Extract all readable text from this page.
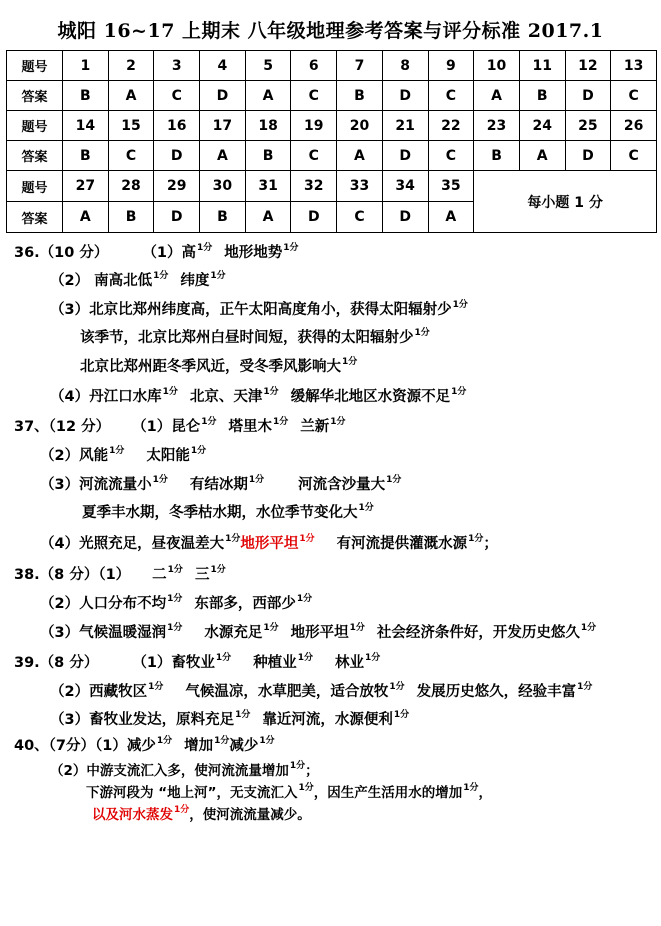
城阳 16~17 上期末 八年级地理参考答案与评分标准 2017.1
题号	1	2	3	4	5	6	7	8	9	10	11	12	13
答案	B	A	C	D	A	C	B	D	C	A	B	D	C
题号	14	15	16	17	18	19	20	21	22	23	24	25	26
答案	B	C	D	A	B	C	A	D	C	B	A	D	C
题号	27	28	29	30	31	32	33	34	35	每小题 1 分			
答案	A	B	D	B	A	D	C	D	A				
36.（10 分） （1）高$^{1分}$ 地形地势$^{1分}$
（2） 南高北低$^{1分}$ 纬度$^{1分}$
（3）北京比郑州纬度高，正午太阳高度角小，获得太阳辐射少$^{1分}$
该季节，北京比郑州白昼时间短，获得的太阳辐射少$^{1分}$
北京比郑州距冬季风近，受冬季风影响大$^{1分}$
（4）丹江口水库$^{1分}$ 北京、天津$^{1分}$ 缓解华北地区水资源不足$^{1分}$
37、（12 分） （1）昆仑$^{1分}$ 塔里木$^{1分}$ 兰新$^{1分}$
（2）风能$^{1分}$ 太阳能$^{1分}$
（3）河流流量小$^{1分}$ 有结冰期$^{1分}$ 河流含沙量大$^{1分}$
夏季丰水期，冬季枯水期，水位季节变化大$^{1分}$
（4）光照充足，昼夜温差大$^{1分}$地形平坦$^{1分}$ 有河流提供灌溉水源$^{1分}$；
38.（8 分）（1） 二$^{1分}$ 三$^{1分}$
（2）人口分布不均$^{1分}$ 东部多，西部少$^{1分}$
（3）气候温暖湿润$^{1分}$ 水源充足$^{1分}$ 地形平坦$^{1分}$ 社会经济条件好，开发历史悠久$^{1分}$
39.（8 分） （1）畜牧业$^{1分}$ 种植业$^{1分}$ 林业$^{1分}$
（2）西藏牧区$^{1分}$ 气候温凉，水草肥美，适合放牧$^{1分}$ 发展历史悠久，经验丰富$^{1分}$
（3）畜牧业发达，原料充足$^{1分}$ 靠近河流，水源便利$^{1分}$
40、（7分）（1）减少$^{1分}$ 增加$^{1分}$减少$^{1分}$
（2）中游支流汇入多，使河流流量增加$^{1分}$；
下游河段为 “地上河”，无支流汇入$^{1分}$，因生产生活用水的增加$^{1分}$，
以及河水蒸发$^{1分}$，使河流流量减少。
